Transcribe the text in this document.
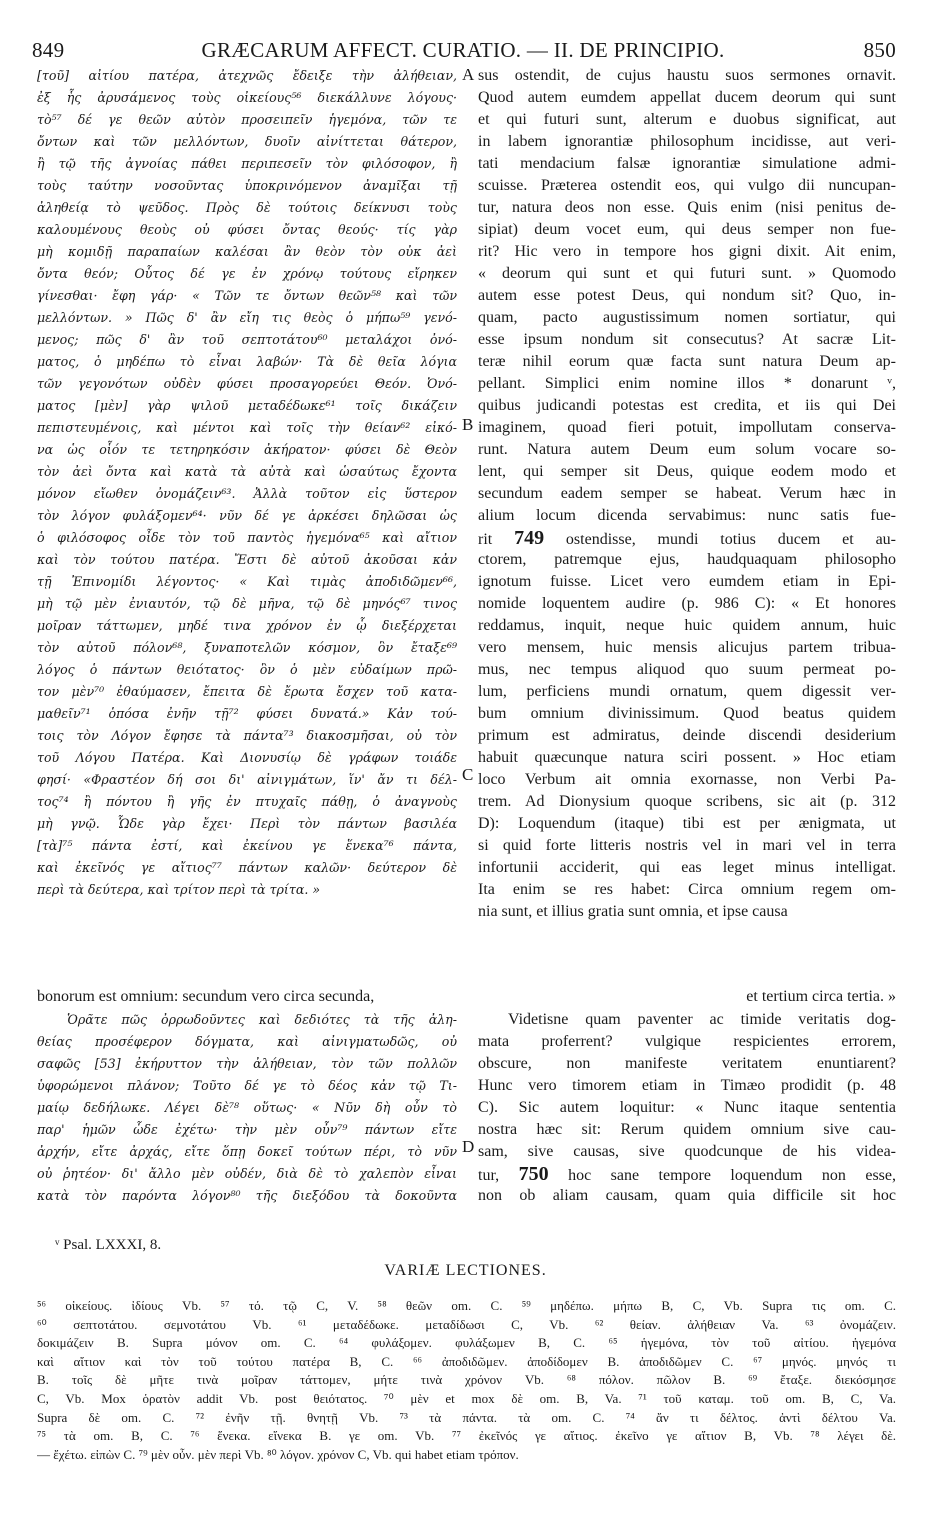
849	GRÆCARUM AFFECT. CURATIO. — II. DE PRINCIPIO.	850
[τοῦ] αἰτίου πατέρα, ἀτεχνῶς ἔδειξε τὴν ἀλήθειαν,
ἐξ ἧς ἀρυσάμενος τοὺς οἰκείους⁵⁶ διεκάλλυνε λόγους·
τὸ⁵⁷ δέ γε θεῶν αὐτὸν προσειπεῖν ἡγεμόνα, τῶν τε
ὄντων καὶ τῶν μελλόντων, δυοῖν αἰνίττεται θάτερον,
ἢ τῷ τῆς ἀγνοίας πάθει περιπεσεῖν τὸν φιλόσοφον, ἢ
τοὺς ταύτην νοσοῦντας ὑποκρινόμενον ἀναμῖξαι τῇ
ἀληθείᾳ τὸ ψεῦδος. Πρὸς δὲ τούτοις δείκνυσι τοὺς
καλουμένους θεοὺς οὐ φύσει ὄντας θεούς· τίς γὰρ
μὴ κομιδῇ παραπαίων καλέσαι ἂν θεὸν τὸν οὐκ ἀεὶ
ὄντα θεόν; Οὗτος δέ γε ἐν χρόνῳ τούτους εἴρηκεν
γίνεσθαι· ἔφη γάρ· « Τῶν τε ὄντων θεῶν⁵⁸ καὶ τῶν
μελλόντων. » Πῶς δ' ἂν εἴη τις θεὸς ὁ μήπω⁵⁹ γενό-
μενος; πῶς δ' ἂν τοῦ σεπτοτάτου⁶⁰ μεταλάχοι ὀνό-
ματος, ὁ μηδέπω τὸ εἶναι λαβών· Τὰ δὲ θεῖα λόγια
τῶν γεγονότων οὐδὲν φύσει προσαγορεύει Θεόν. Ὀνό-
ματος [μὲν] γὰρ ψιλοῦ μεταδέδωκε⁶¹ τοῖς δικάζειν
πεπιστευμένοις, καὶ μέντοι καὶ τοῖς τὴν θείαν⁶² εἰκό-
να ὡς οἷόν τε τετηρηκόσιν ἀκήρατον· φύσει δὲ Θεὸν
τὸν ἀεὶ ὄντα καὶ κατὰ τὰ αὐτὰ καὶ ὡσαύτως ἔχοντα
μόνον εἴωθεν ὀνομάζειν⁶³. Ἀλλὰ τοῦτον εἰς ὕστερον
τὸν λόγον φυλάξομεν⁶⁴· νῦν δέ γε ἀρκέσει δηλῶσαι ὡς
ὁ φιλόσοφος οἶδε τὸν τοῦ παντὸς ἡγεμόνα⁶⁵ καὶ αἴτιον
καὶ τὸν τούτου πατέρα. Ἔστι δὲ αὐτοῦ ἀκοῦσαι κἀν
τῇ Ἐπινομίδι λέγοντος· « Καὶ τιμὰς ἀποδιδῶμεν⁶⁶,
μὴ τῷ μὲν ἐνιαυτόν, τῷ δὲ μῆνα, τῷ δὲ μηνός⁶⁷ τινος
μοῖραν τάττωμεν, μηδέ τινα χρόνον ἐν ᾧ διεξέρχεται
τὸν αὐτοῦ πόλον⁶⁸, ξυναποτελῶν κόσμον, ὃν ἔταξε⁶⁹
λόγος ὁ πάντων θειότατος· ὃν ὁ μὲν εὐδαίμων πρῶ-
τον μὲν⁷⁰ ἐθαύμασεν, ἔπειτα δὲ ἔρωτα ἔσχεν τοῦ κατα-
μαθεῖν⁷¹ ὁπόσα ἐνῆν τῇ⁷² φύσει δυνατά.» Κἀν τού-
τοις τὸν Λόγον ἔφησε τὰ πάντα⁷³ διακοσμῆσαι, οὐ τὸν
τοῦ Λόγου Πατέρα. Καὶ Διονυσίῳ δὲ γράφων τοιάδε
φησί· «Φραστέον δή σοι δι' αἰνιγμάτων, ἵν' ἄν τι δέλ-
τος⁷⁴ ἢ πόντου ἢ γῆς ἐν πτυχαῖς πάθῃ, ὁ ἀναγνοὺς
μὴ γνῷ. Ὧδε γὰρ ἔχει· Περὶ τὸν πάντων βασιλέα
[τὰ]⁷⁵ πάντα ἐστί, καὶ ἐκείνου γε ἕνεκα⁷⁶ πάντα,
καὶ ἐκεῖνός γε αἴτιος⁷⁷ πάντων καλῶν· δεύτερον δὲ
περὶ τὰ δεύτερα, καὶ τρίτον περὶ τὰ τρίτα. »
sus ostendit, de cujus haustu suos sermones ornavit.
Quod autem eumdem appellat ducem deorum qui sunt
et qui futuri sunt, alterum e duobus significat, aut
in labem ignorantiæ philosophum incidisse, aut veri-
tati mendacium falsæ ignorantiæ simulatione admi-
scuisse. Præterea ostendit eos, qui vulgo dii nuncupan-
tur, natura deos non esse. Quis enim (nisi penitus de-
sipiat) deum vocet eum, qui deus semper non fue-
rit? Hic vero in tempore hos gigni dixit. Ait enim,
« deorum qui sunt et qui futuri sunt. » Quomodo
autem esse potest Deus, qui nondum sit? Quo, in-
quam, pacto augustissimum nomen sortiatur, qui
esse ipsum nondum sit consecutus? At sacræ Lit-
teræ nihil eorum quæ facta sunt natura Deum ap-
pellant. Simplici enim nomine illos * donarunt ᵛ,
quibus judicandi potestas est credita, et iis qui Dei
imaginem, quoad fieri potuit, impollutam conserva-
runt. Natura autem Deum eum solum vocare so-
lent, qui semper sit Deus, quique eodem modo et
secundum eadem semper se habeat. Verum hæc in
alium locum dicenda servabimus: nunc satis fue-
rit 749 ostendisse, mundi totius ducem et au-
ctorem, patremque ejus, haudquaquam philosopho
ignotum fuisse. Licet vero eumdem etiam in Epi-
nomide loquentem audire (p. 986 C): « Et honores
reddamus, inquit, neque huic quidem annum, huic
vero mensem, huic mensis alicujus partem tribua-
mus, nec tempus aliquod quo suum permeat po-
lum, perficiens mundi ornatum, quem digessit ver-
bum omnium divinissimum. Quod beatus quidem
primum est admiratus, deinde discendi desiderium
habuit quæcunque natura sciri possent. » Hoc etiam
loco Verbum ait omnia exornasse, non Verbi Pa-
trem. Ad Dionysium quoque scribens, sic ait (p. 312
D): Loquendum (itaque) tibi est per ænigmata, ut
si quid forte litteris nostris vel in mari vel in terra
infortunii acciderit, qui eas leget minus intelligat.
Ita enim se res habet: Circa omnium regem om-
nia sunt, et illius gratia sunt omnia, et ipse causa
A
B
C
D
bonorum est omnium: secundum vero circa secunda,	et tertium circa tertia. »
Ὁρᾶτε πῶς ὀρρωδοῦντες καὶ δεδιότες τὰ τῆς ἀλη-
θείας προσέφερον δόγματα, καὶ αἰνιγματωδῶς, οὐ
σαφῶς [53] ἐκήρυττον τὴν ἀλήθειαν, τὸν τῶν πολλῶν
ὑφορώμενοι πλάνον; Τοῦτο δέ γε τὸ δέος κἀν τῷ Τι-
μαίῳ δεδήλωκε. Λέγει δὲ⁷⁸ οὕτως· « Νῦν δὴ οὖν τὸ
παρ' ἡμῶν ὧδε ἐχέτω· τὴν μὲν οὖν⁷⁹ πάντων εἴτε
ἀρχήν, εἴτε ἀρχάς, εἴτε ὅπῃ δοκεῖ τούτων πέρι, τὸ νῦν
οὐ ῥητέον· δι' ἄλλο μὲν οὐδέν, διὰ δὲ τὸ χαλεπὸν εἶναι
κατὰ τὸν παρόντα λόγον⁸⁰ τῆς διεξόδου τὰ δοκοῦντα
Videtisne quam paventer ac timide veritatis dog-
mata proferrent? vulgique respicientes errorem,
obscure, non manifeste veritatem enuntiarent?
Hunc vero timorem etiam in Timæo prodidit (p. 48
C). Sic autem loquitur: « Nunc itaque sententia
nostra hæc sit: Rerum quidem omnium sive cau-
sam, sive causas, sive quodcunque de his videa-
tur, 750 hoc sane tempore loquendum non esse,
non ob aliam causam, quam quia difficile sit hoc
ᵛ Psal. LXXXI, 8.
VARIÆ LECTIONES.
⁵⁶ οἰκείους. ἰδίους Vb. ⁵⁷ τό. τῷ C, V. ⁵⁸ θεῶν om. C. ⁵⁹ μηδέπω. μήπω B, C, Vb. Supra τις om. C.
⁶⁰ σεπτοτάτου. σεμνοτάτου Vb. ⁶¹ μεταδέδωκε. μεταδίδωσι C, Vb. ⁶² θείαν. ἀλήθειαν Va. ⁶³ ὀνομάζειν.
δοκιμάζειν B. Supra μόνον om. C. ⁶⁴ φυλάξομεν. φυλάξωμεν B, C. ⁶⁵ ἡγεμόνα, τὸν τοῦ αἰτίου. ἡγεμόνα
καὶ αἴτιον καὶ τὸν τοῦ τούτου πατέρα B, C. ⁶⁶ ἀποδιδῶμεν. ἀποδίδομεν B. ἀποδιδῶμεν C. ⁶⁷ μηνός. μηνός τι
B. τοῖς δὲ μῆτε τινὰ μοῖραν τάττομεν, μήτε τινὰ χρόνον Vb. ⁶⁸ πόλον. πῶλον B. ⁶⁹ ἔταξε. διεκόσμησε
C, Vb. Mox ὁρατὸν addit Vb. post θειότατος. ⁷⁰ μὲν et mox δὲ om. B, Va. ⁷¹ τοῦ καταμ. τοῦ om. B, C, Va.
Supra δὲ om. C. ⁷² ἐνῆν τῇ. θνητῇ Vb. ⁷³ τὰ πάντα. τὰ om. C. ⁷⁴ ἄν τι δέλτος. ἀντὶ δέλτου Va.
⁷⁵ τὰ om. B, C. ⁷⁶ ἕνεκα. εἵνεκα B. γε om. Vb. ⁷⁷ ἐκεῖνός γε αἴτιος. ἐκεῖνο γε αἴτιον B, Vb. ⁷⁸ λέγει δὲ.
— ἔχέτω. εἰπὼν C. ⁷⁹ μὲν οὖν. μὲν περὶ Vb. ⁸⁰ λόγον. χρόνον C, Vb. qui habet etiam τρόπον.
